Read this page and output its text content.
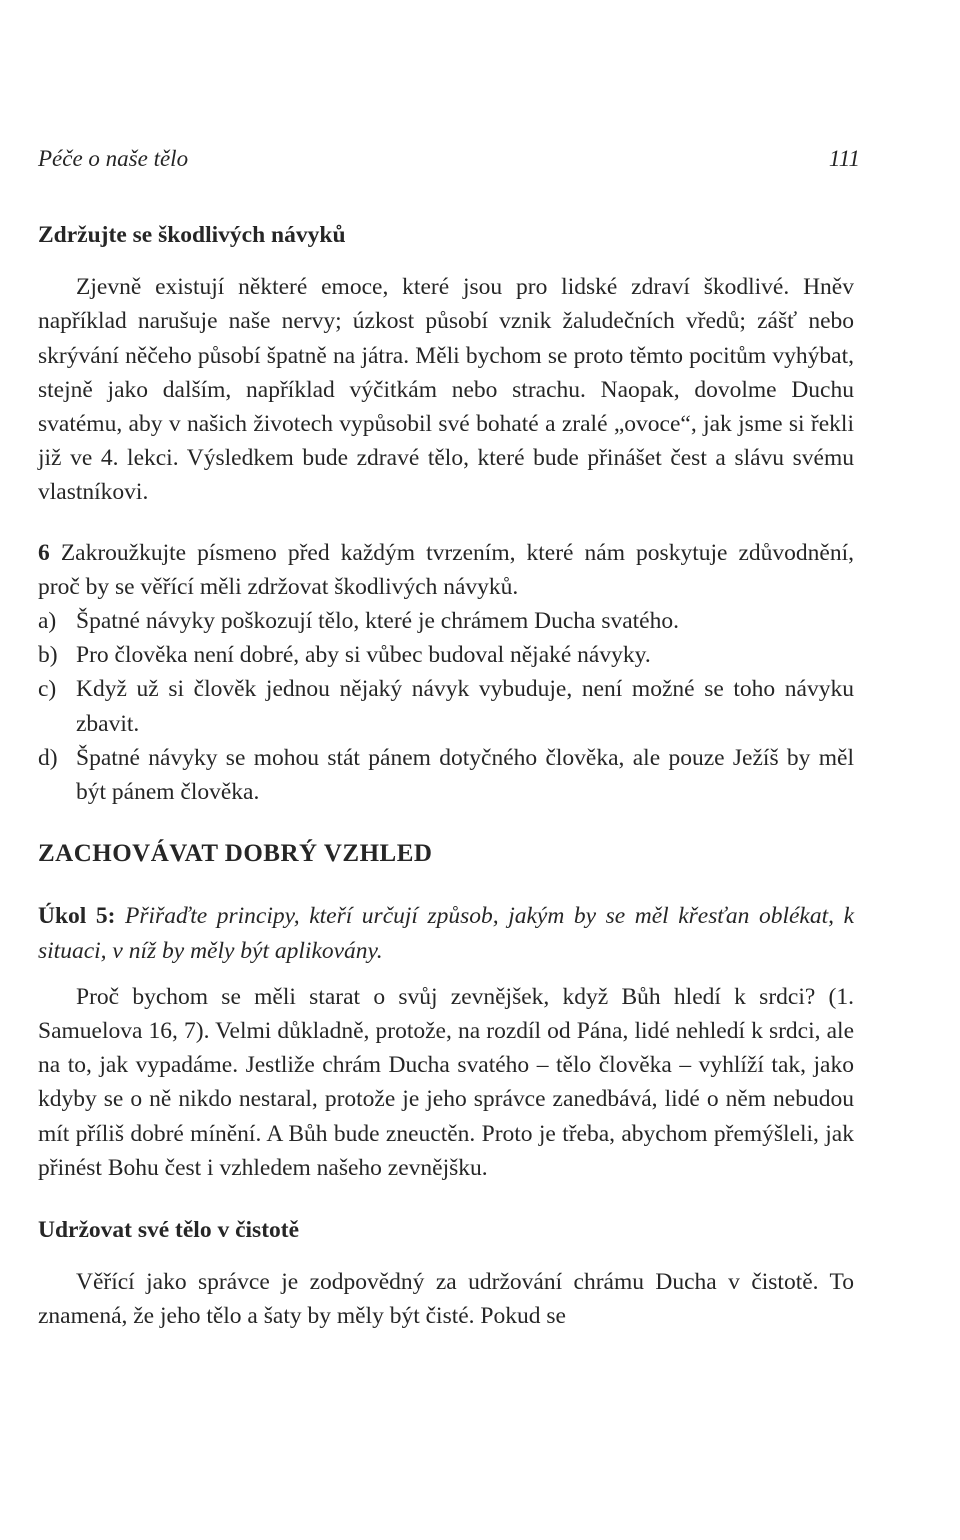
Péče o naše tělo	111
Zdržujte se škodlivých návyků

Zjevně existují některé emoce, které jsou pro lidské zdraví škodlivé. Hněv například narušuje naše nervy; úzkost působí vznik žaludečních vředů; zášť nebo skrývání něčeho působí špatně na játra. Měli bychom se proto těmto pocitům vyhýbat, stejně jako dalším, například výčitkám nebo strachu. Naopak, dovolme Duchu svatému, aby v našich životech vypůsobil své bohaté a zralé „ovoce“, jak jsme si řekli již ve 4. lekci. Výsledkem bude zdravé tělo, které bude přinášet čest a slávu svému vlastníkovi.

6 Zakroužkujte písmeno před každým tvrzením, které nám poskytuje zdůvodnění, proč by se věřící měli zdržovat škodlivých návyků.

a) Špatné návyky poškozují tělo, které je chrámem Ducha svatého.
b) Pro člověka není dobré, aby si vůbec budoval nějaké návyky.
c) Když už si člověk jednou nějaký návyk vybuduje, není možné se toho návyku zbavit.
d) Špatné návyky se mohou stát pánem dotyčného člověka, ale pouze Ježíš by měl být pánem člověka.
ZACHOVÁVAT DOBRÝ VZHLED

Úkol 5: Přiřaďte principy, kteří určují způsob, jakým by se měl křesťan oblékat, k situaci, v níž by měly být aplikovány.

Proč bychom se měli starat o svůj zevnějšek, když Bůh hledí k srdci? (1. Samuelova 16, 7). Velmi důkladně, protože, na rozdíl od Pána, lidé nehledí k srdci, ale na to, jak vypadáme. Jestliže chrám Ducha svatého – tělo člověka – vyhlíží tak, jako kdyby se o ně nikdo nestaral, protože je jeho správce zanedbává, lidé o něm nebudou mít příliš dobré mínění. A Bůh bude zneuctěn. Proto je třeba, abychom přemýšleli, jak přinést Bohu čest i vzhledem našeho zevnějšku.

Udržovat své tělo v čistotě

Věřící jako správce je zodpovědný za udržování chrámu Ducha v čistotě. To znamená, že jeho tělo a šaty by měly být čisté. Pokud se
